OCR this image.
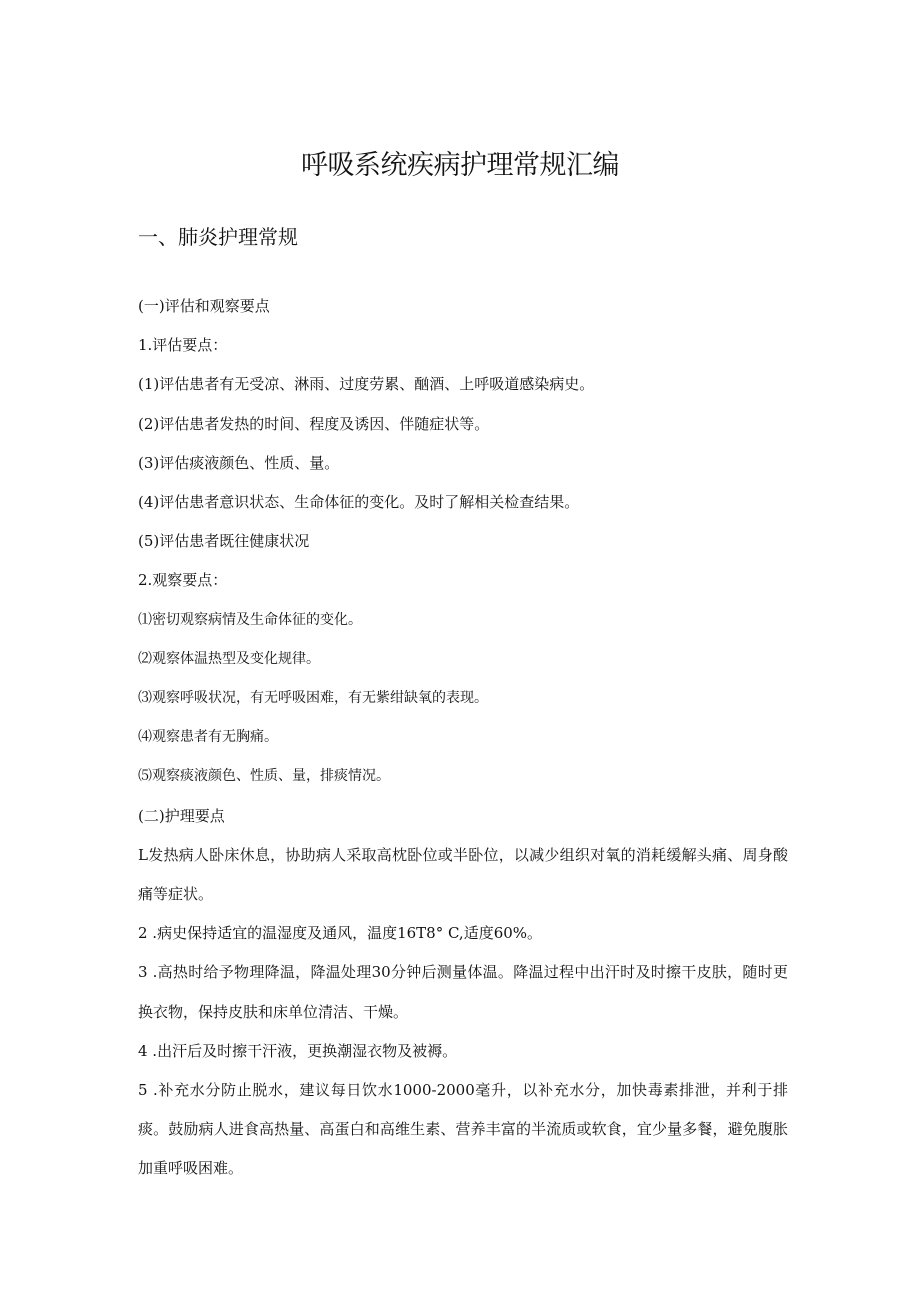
呼吸系统疾病护理常规汇编
一、肺炎护理常规

(一)评估和观察要点

1.评估要点：

(1)评估患者有无受凉、淋雨、过度劳累、酗酒、上呼吸道感染病史。

(2)评估患者发热的时间、程度及诱因、伴随症状等。

(3)评估痰液颜色、性质、量。

(4)评估患者意识状态、生命体征的变化。及时了解相关检查结果。

(5)评估患者既往健康状况

2.观察要点：

⑴密切观察病情及生命体征的变化。

⑵观察体温热型及变化规律。

⑶观察呼吸状况，有无呼吸困难，有无紫绀缺氧的表现。

⑷观察患者有无胸痛。

⑸观察痰液颜色、性质、量，排痰情况。

(二)护理要点

L发热病人卧床休息，协助病人采取高枕卧位或半卧位，以减少组织对氧的消耗缓解头痛、周身酸痛等症状。

2 .病史保持适宜的温湿度及通风，温度16T8° C,适度60%。

3 .高热时给予物理降温，降温处理30分钟后测量体温。降温过程中出汗时及时擦干皮肤，随时更换衣物，保持皮肤和床单位清洁、干燥。

4 .出汗后及时擦干汗液，更换潮湿衣物及被褥。

5 .补充水分防止脱水，建议每日饮水1000-2000毫升，以补充水分，加快毒素排泄，并利于排痰。鼓励病人进食高热量、高蛋白和高维生素、营养丰富的半流质或软食，宜少量多餐，避免腹胀加重呼吸困难。
